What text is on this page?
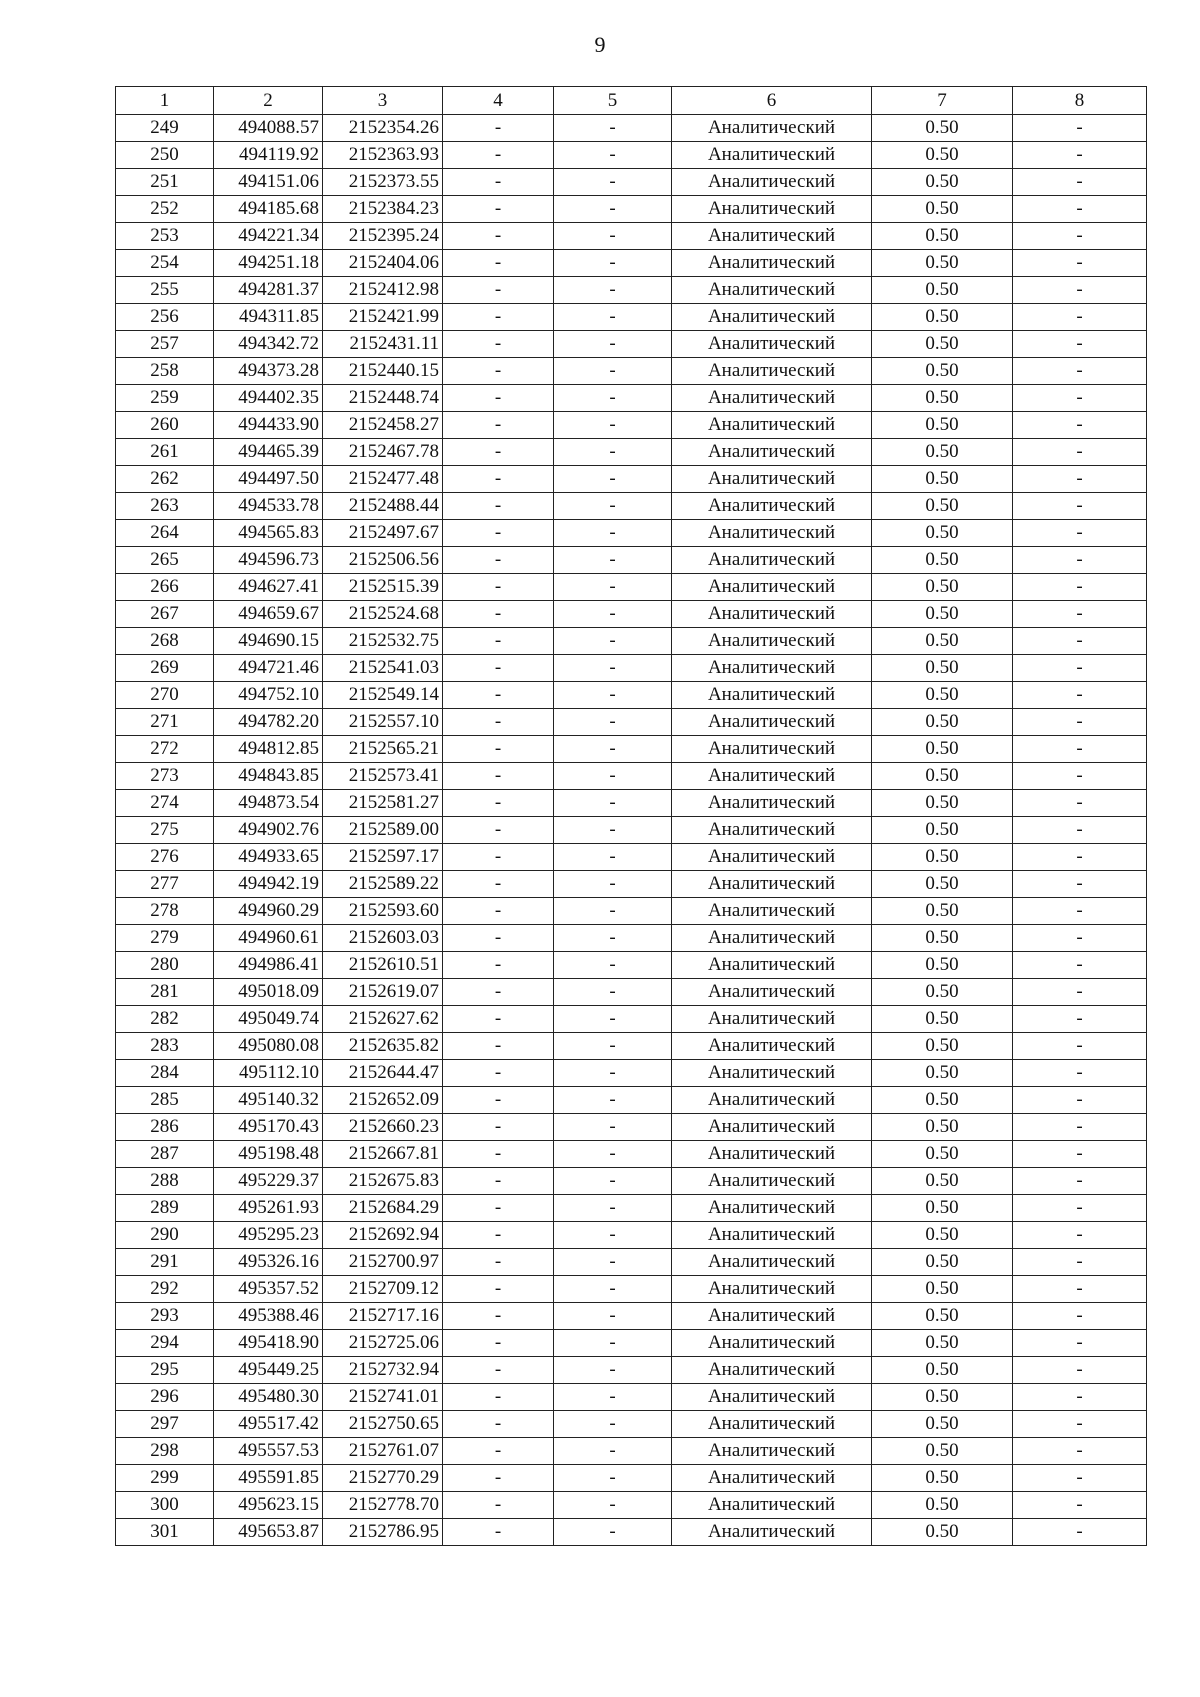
9
1	2	3	4	5	6	7	8
249	494088.57	2152354.26	-	-	Аналитический	0.50	-
250	494119.92	2152363.93	-	-	Аналитический	0.50	-
251	494151.06	2152373.55	-	-	Аналитический	0.50	-
252	494185.68	2152384.23	-	-	Аналитический	0.50	-
253	494221.34	2152395.24	-	-	Аналитический	0.50	-
254	494251.18	2152404.06	-	-	Аналитический	0.50	-
255	494281.37	2152412.98	-	-	Аналитический	0.50	-
256	494311.85	2152421.99	-	-	Аналитический	0.50	-
257	494342.72	2152431.11	-	-	Аналитический	0.50	-
258	494373.28	2152440.15	-	-	Аналитический	0.50	-
259	494402.35	2152448.74	-	-	Аналитический	0.50	-
260	494433.90	2152458.27	-	-	Аналитический	0.50	-
261	494465.39	2152467.78	-	-	Аналитический	0.50	-
262	494497.50	2152477.48	-	-	Аналитический	0.50	-
263	494533.78	2152488.44	-	-	Аналитический	0.50	-
264	494565.83	2152497.67	-	-	Аналитический	0.50	-
265	494596.73	2152506.56	-	-	Аналитический	0.50	-
266	494627.41	2152515.39	-	-	Аналитический	0.50	-
267	494659.67	2152524.68	-	-	Аналитический	0.50	-
268	494690.15	2152532.75	-	-	Аналитический	0.50	-
269	494721.46	2152541.03	-	-	Аналитический	0.50	-
270	494752.10	2152549.14	-	-	Аналитический	0.50	-
271	494782.20	2152557.10	-	-	Аналитический	0.50	-
272	494812.85	2152565.21	-	-	Аналитический	0.50	-
273	494843.85	2152573.41	-	-	Аналитический	0.50	-
274	494873.54	2152581.27	-	-	Аналитический	0.50	-
275	494902.76	2152589.00	-	-	Аналитический	0.50	-
276	494933.65	2152597.17	-	-	Аналитический	0.50	-
277	494942.19	2152589.22	-	-	Аналитический	0.50	-
278	494960.29	2152593.60	-	-	Аналитический	0.50	-
279	494960.61	2152603.03	-	-	Аналитический	0.50	-
280	494986.41	2152610.51	-	-	Аналитический	0.50	-
281	495018.09	2152619.07	-	-	Аналитический	0.50	-
282	495049.74	2152627.62	-	-	Аналитический	0.50	-
283	495080.08	2152635.82	-	-	Аналитический	0.50	-
284	495112.10	2152644.47	-	-	Аналитический	0.50	-
285	495140.32	2152652.09	-	-	Аналитический	0.50	-
286	495170.43	2152660.23	-	-	Аналитический	0.50	-
287	495198.48	2152667.81	-	-	Аналитический	0.50	-
288	495229.37	2152675.83	-	-	Аналитический	0.50	-
289	495261.93	2152684.29	-	-	Аналитический	0.50	-
290	495295.23	2152692.94	-	-	Аналитический	0.50	-
291	495326.16	2152700.97	-	-	Аналитический	0.50	-
292	495357.52	2152709.12	-	-	Аналитический	0.50	-
293	495388.46	2152717.16	-	-	Аналитический	0.50	-
294	495418.90	2152725.06	-	-	Аналитический	0.50	-
295	495449.25	2152732.94	-	-	Аналитический	0.50	-
296	495480.30	2152741.01	-	-	Аналитический	0.50	-
297	495517.42	2152750.65	-	-	Аналитический	0.50	-
298	495557.53	2152761.07	-	-	Аналитический	0.50	-
299	495591.85	2152770.29	-	-	Аналитический	0.50	-
300	495623.15	2152778.70	-	-	Аналитический	0.50	-
301	495653.87	2152786.95	-	-	Аналитический	0.50	-
